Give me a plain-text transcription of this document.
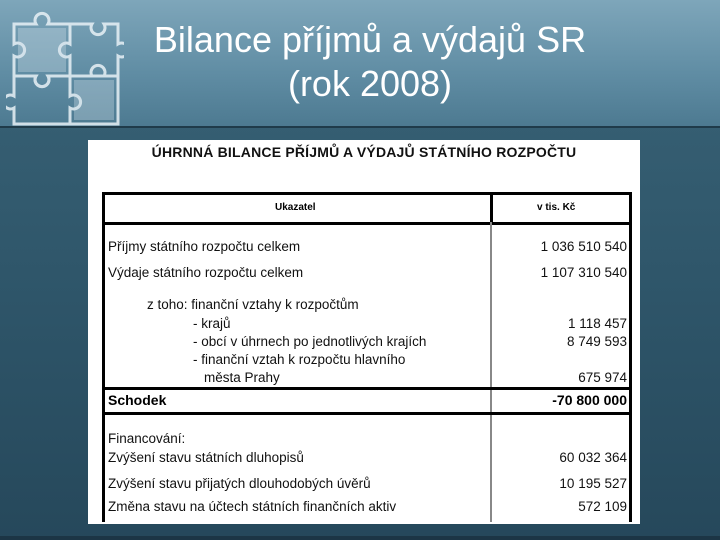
Bilance příjmů a výdajů SR
(rok 2008)
ÚHRNNÁ BILANCE PŘÍJMŮ A VÝDAJŮ STÁTNÍHO ROZPOČTU
Ukazatel	v tis. Kč
Příjmy státního rozpočtu celkem	1 036 510 540
Výdaje státního rozpočtu celkem	1 107 310 540
z toho: finanční vztahy k rozpočtům
- krajů	1 118 457
- obcí v úhrnech po jednotlivých krajích	8 749 593
- finanční vztah k rozpočtu hlavního
města Prahy	675 974
Schodek	-70 800 000
Financování:
Zvýšení stavu státních dluhopisů	60 032 364
Zvýšení stavu přijatých dlouhodobých úvěrů	10 195 527
Změna stavu na účtech státních finančních aktiv	572 109
